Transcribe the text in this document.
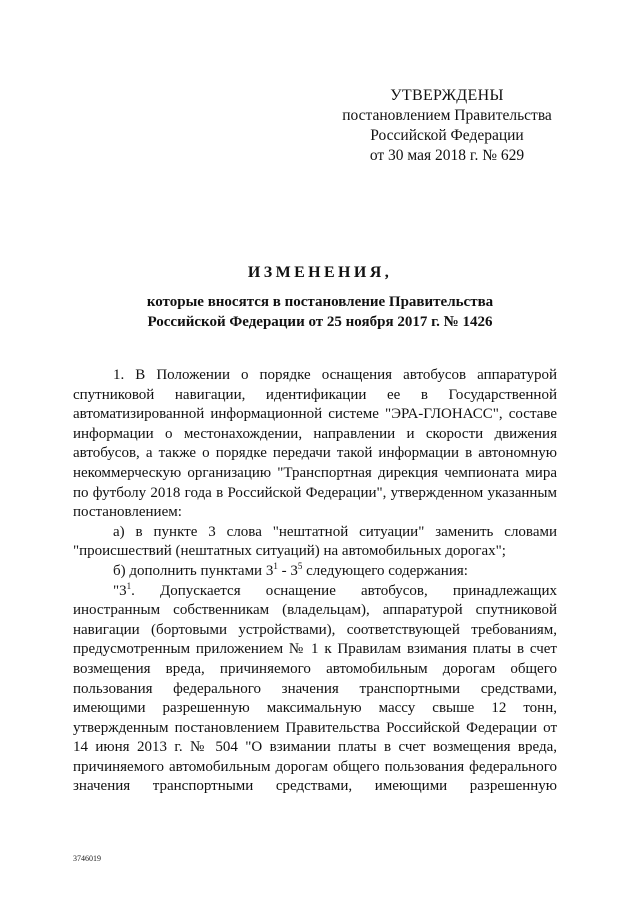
УТВЕРЖДЕНЫ
постановлением Правительства
Российской Федерации
от 30 мая 2018 г. № 629
ИЗМЕНЕНИЯ,
которые вносятся в постановление Правительства
Российской Федерации от 25 ноября 2017 г. № 1426

1. В Положении о порядке оснащения автобусов аппаратурой спутниковой навигации, идентификации ее в Государственной автоматизированной информационной системе "ЭРА-ГЛОНАСС", составе информации о местонахождении, направлении и скорости движения автобусов, а также о порядке передачи такой информации в автономную некоммерческую организацию "Транспортная дирекция чемпионата мира по футболу 2018 года в Российской Федерации", утвержденном указанным постановлением:

а) в пункте 3 слова "нештатной ситуации" заменить словами "происшествий (нештатных ситуаций) на автомобильных дорогах";

б) дополнить пунктами $3^1 - 3^5$ следующего содержания:

"$3^1$. Допускается оснащение автобусов, принадлежащих иностранным собственникам (владельцам), аппаратурой спутниковой навигации (бортовыми устройствами), соответствующей требованиям, предусмотренным приложением № 1 к Правилам взимания платы в счет возмещения вреда, причиняемого автомобильным дорогам общего пользования федерального значения транспортными средствами, имеющими разрешенную максимальную массу свыше 12 тонн, утвержденным постановлением Правительства Российской Федерации от 14 июня 2013 г. № 504 "О взимании платы в счет возмещения вреда, причиняемого автомобильным дорогам общего пользования федерального значения транспортными средствами, имеющими разрешенную

3746019
